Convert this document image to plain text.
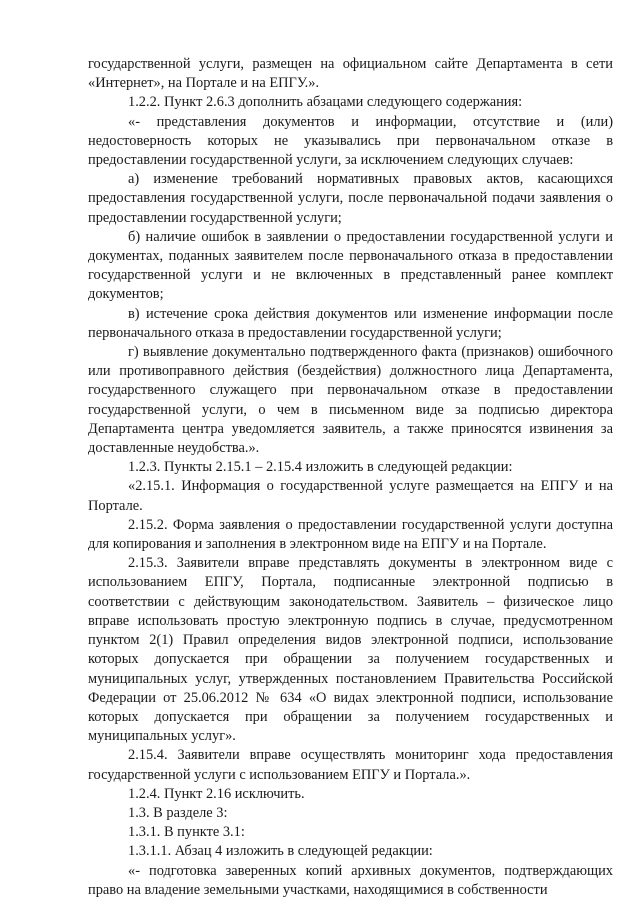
государственной услуги, размещен на официальном сайте Департамента в сети «Интернет», на Портале и на ЕПГУ.».

1.2.2. Пункт 2.6.3 дополнить абзацами следующего содержания:

«- представления документов и информации, отсутствие и (или) недостоверность которых не указывались при первоначальном отказе в предоставлении государственной услуги, за исключением следующих случаев:

а) изменение требований нормативных правовых актов, касающихся предоставления государственной услуги, после первоначальной подачи заявления о предоставлении государственной услуги;

б) наличие ошибок в заявлении о предоставлении государственной услуги и документах, поданных заявителем после первоначального отказа в предоставлении государственной услуги и не включенных в представленный ранее комплект документов;

в) истечение срока действия документов или изменение информации после первоначального отказа в предоставлении государственной услуги;

г) выявление документально подтвержденного факта (признаков) ошибочного или противоправного действия (бездействия) должностного лица Департамента, государственного служащего при первоначальном отказе в предоставлении государственной услуги, о чем в письменном виде за подписью директора Департамента центра уведомляется заявитель, а также приносятся извинения за доставленные неудобства.».

1.2.3. Пункты 2.15.1 – 2.15.4 изложить в следующей редакции:

«2.15.1. Информация о государственной услуге размещается на ЕПГУ и на Портале.

2.15.2. Форма заявления о предоставлении государственной услуги доступна для копирования и заполнения в электронном виде на ЕПГУ и на Портале.

2.15.3. Заявители вправе представлять документы в электронном виде с использованием ЕПГУ, Портала, подписанные электронной подписью в соответствии с действующим законодательством. Заявитель – физическое лицо вправе использовать простую электронную подпись в случае, предусмотренном пунктом 2(1) Правил определения видов электронной подписи, использование которых допускается при обращении за получением государственных и муниципальных услуг, утвержденных постановлением Правительства Российской Федерации от 25.06.2012 № 634 «О видах электронной подписи, использование которых допускается при обращении за получением государственных и муниципальных услуг».

2.15.4. Заявители вправе осуществлять мониторинг хода предоставления государственной услуги с использованием ЕПГУ и Портала.».

1.2.4. Пункт 2.16 исключить.

1.3. В разделе 3:

1.3.1. В пункте 3.1:

1.3.1.1. Абзац 4 изложить в следующей редакции:

«- подготовка заверенных копий архивных документов, подтверждающих право на владение земельными участками, находящимися в собственности
